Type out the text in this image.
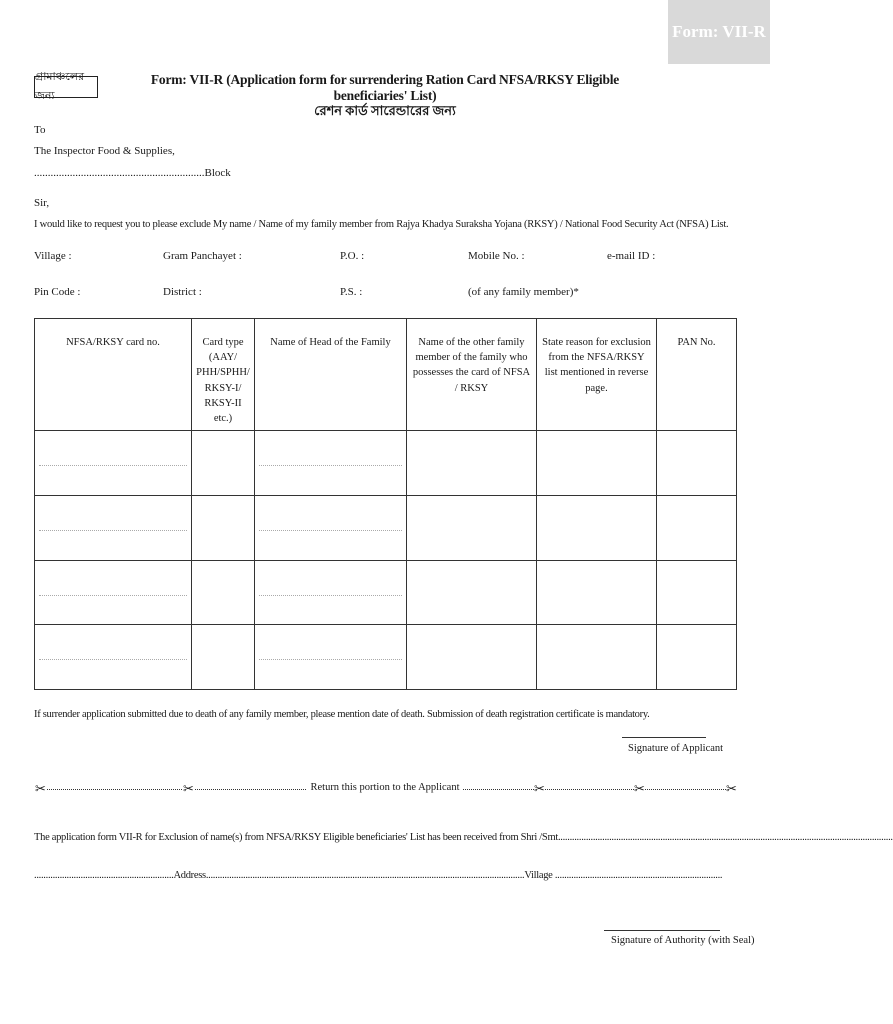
Form: VII-R
গ্রামাঞ্চলের জন্য
Form: VII-R (Application form for surrendering Ration Card NFSA/RKSY Eligible beneficiaries' List)
রেশন কার্ড সারেন্ডারের জন্য
To
The Inspector Food & Supplies,
..............................................................Block
Sir,
I would like to request you to please exclude My name / Name of my family member from Rajya Khadya Suraksha Yojana (RKSY) / National Food Security Act (NFSA) List.
Village :	Gram Panchayet :	P.O. :	Mobile No. :	e-mail ID :
Pin Code :	District :	P.S. :	(of any family member)*
NFSA/RKSY card no.	Card type (AAY/ PHH/SPHH/ RKSY-I/ RKSY-II etc.)	Name of Head of the Family	Name of the other family member of the family who possesses the card of NFSA / RKSY	State reason for exclusion from the NFSA/RKSY list mentioned in reverse page.	PAN No.

If surrender application submitted due to death of any family member, please mention date of death. Submission of death registration certificate is mandatory.
Signature of Applicant
✂	✂	✂	✂	✂
Return this portion to the Applicant
The application form VII-R for Exclusion of name(s) from NFSA/RKSY Eligible beneficiaries' List has been received from Shri /Smt................................................................................................................................................
............................................................Address.........................................................................................................................................Village ........................................................................
Signature of Authority (with Seal)
